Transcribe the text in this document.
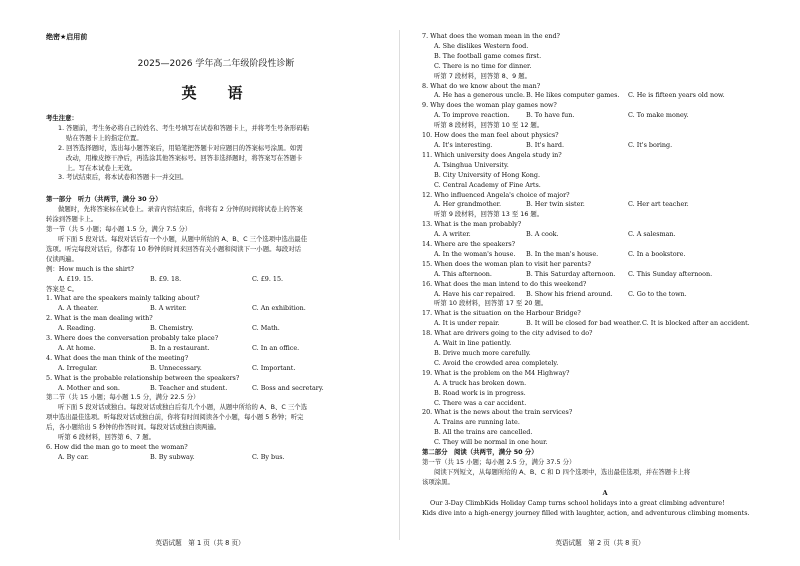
绝密★启用前
2025—2026 学年高二年级阶段性诊断
英　语
考生注意：
1. 答题前，考生务必将自己的姓名、考生号填写在试卷和答题卡上，并将考生号条形码粘
贴在答题卡上的指定位置。
2. 回答选择题时，选出每小题答案后，用铅笔把答题卡对应题目的答案标号涂黑。如需
改动，用橡皮擦干净后，再选涂其他答案标号。回答非选择题时，将答案写在答题卡
上。写在本试卷上无效。
3. 考试结束后，将本试卷和答题卡一并交回。
第一部分　听力（共两节，满分 30 分）
做题时，先将答案标在试卷上。录音内容结束后，你将有 2 分钟的时间将试卷上的答案
转涂到答题卡上。
第一节（共 5 小题；每小题 1.5 分，满分 7.5 分）
听下面 5 段对话。每段对话后有一个小题，从题中所给的 A、B、C 三个选项中选出最佳
选项。听完每段对话后，你都有 10 秒钟的时间来回答有关小题和阅读下一小题。每段对话
仅读两遍。
例：How much is the shirt?
A. £19. 15.	B. £9. 18.	C. £9. 15.
答案是 C。
1. What are the speakers mainly talking about?
A. A theater.	B. A writer.	C. An exhibition.
2. What is the man dealing with?
A. Reading.	B. Chemistry.	C. Math.
3. Where does the conversation probably take place?
A. At home.	B. In a restaurant.	C. In an office.
4. What does the man think of the meeting?
A. Irregular.	B. Unnecessary.	C. Important.
5. What is the probable relationship between the speakers?
A. Mother and son.	B. Teacher and student.	C. Boss and secretary.
第二节（共 15 小题；每小题 1.5 分，满分 22.5 分）
听下面 5 段对话或独白。每段对话或独白后有几个小题，从题中所给的 A、B、C 三个选
项中选出最佳选项。听每段对话或独白前，你将有时间阅读各个小题，每小题 5 秒钟；听完
后，各小题给出 5 秒钟的作答时间。每段对话或独白读两遍。
听第 6 段材料，回答第 6、7 题。
6. How did the man go to meet the woman?
A. By car.	B. By subway.	C. By bus.
英语试题　第 1 页（共 8 页）
7. What does the woman mean in the end?
A. She dislikes Western food.
B. The football game comes first.
C. There is no time for dinner.
听第 7 段材料，回答第 8、9 题。
8. What do we know about the man?
A. He has a generous uncle. B. He likes computer games.	C. He is fifteen years old now.
9. Why does the woman play games now?
A. To improve reaction.	B. To have fun.	C. To make money.
听第 8 段材料，回答第 10 至 12 题。
10. How does the man feel about physics?
A. It's interesting.	B. It's hard.	C. It's boring.
11. Which university does Angela study in?
A. Tsinghua University.
B. City University of Hong Kong.
C. Central Academy of Fine Arts.
12. Who influenced Angela's choice of major?
A. Her grandmother.	B. Her twin sister.	C. Her art teacher.
听第 9 段材料，回答第 13 至 16 题。
13. What is the man probably?
A. A writer.	B. A cook.	C. A salesman.
14. Where are the speakers?
A. In the woman's house.	B. In the man's house.	C. In a bookstore.
15. When does the woman plan to visit her parents?
A. This afternoon.	B. This Saturday afternoon.	C. This Sunday afternoon.
16. What does the man intend to do this weekend?
A. Have his car repaired.	B. Show his friend around.	C. Go to the town.
听第 10 段材料，回答第 17 至 20 题。
17. What is the situation on the Harbour Bridge?
A. It is under repair.	B. It will be closed for bad weather. C. It is blocked after an accident.
18. What are drivers going to the city advised to do?
A. Wait in line patiently.
B. Drive much more carefully.
C. Avoid the crowded area completely.
19. What is the problem on the M4 Highway?
A. A truck has broken down.
B. Road work is in progress.
C. There was a car accident.
20. What is the news about the train services?
A. Trains are running late.
B. All the trains are cancelled.
C. They will be normal in one hour.
第二部分　阅读（共两节，满分 50 分）
第一节（共 15 小题；每小题 2.5 分，满分 37.5 分）
阅读下列短文，从每题所给的 A、B、C 和 D 四个选项中，选出最佳选项，并在答题卡上将
该项涂黑。
A
Our 3-Day ClimbKids Holiday Camp turns school holidays into a great climbing adventure!
Kids dive into a high-energy journey filled with laughter, action, and adventurous climbing moments.
英语试题　第 2 页（共 8 页）
